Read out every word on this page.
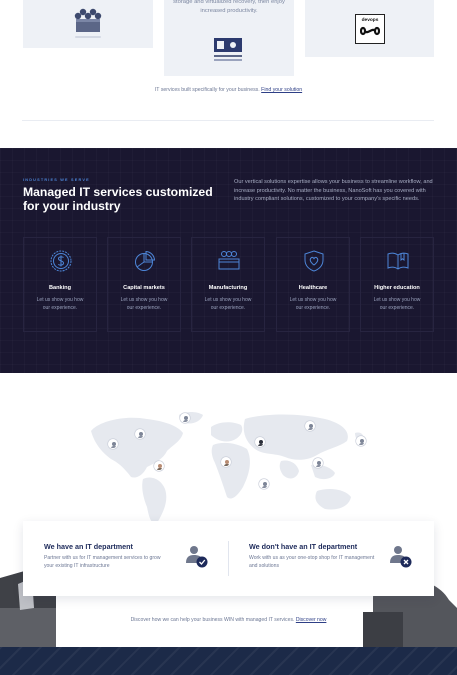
storage and virtualized recovery, then enjoy increased productivity.
devops
IT services built specifically for your business. Find your solution
INDUSTRIES WE SERVE
Managed IT services customized for your industry

Our vertical solutions expertise allows your business to streamline workflow, and increase productivity. No matter the business, NanoSoft has you covered with industry compliant solutions, customized to your company's specific needs.

Banking
Let us show you how our experience.
Capital markets
Let us show you how our experience.
Manufacturing
Let us show you how our experience.
Healthcare
Let us show you how our experience.
Higher education
Let us show you how our experience.
We have an IT department
Partner with us for IT management services to grow your existing IT infrastructure
We don't have an IT department
Work with us as your one-stop shop for IT management and solutions
Discover how we can help your business WIN with managed IT services. Discover now
